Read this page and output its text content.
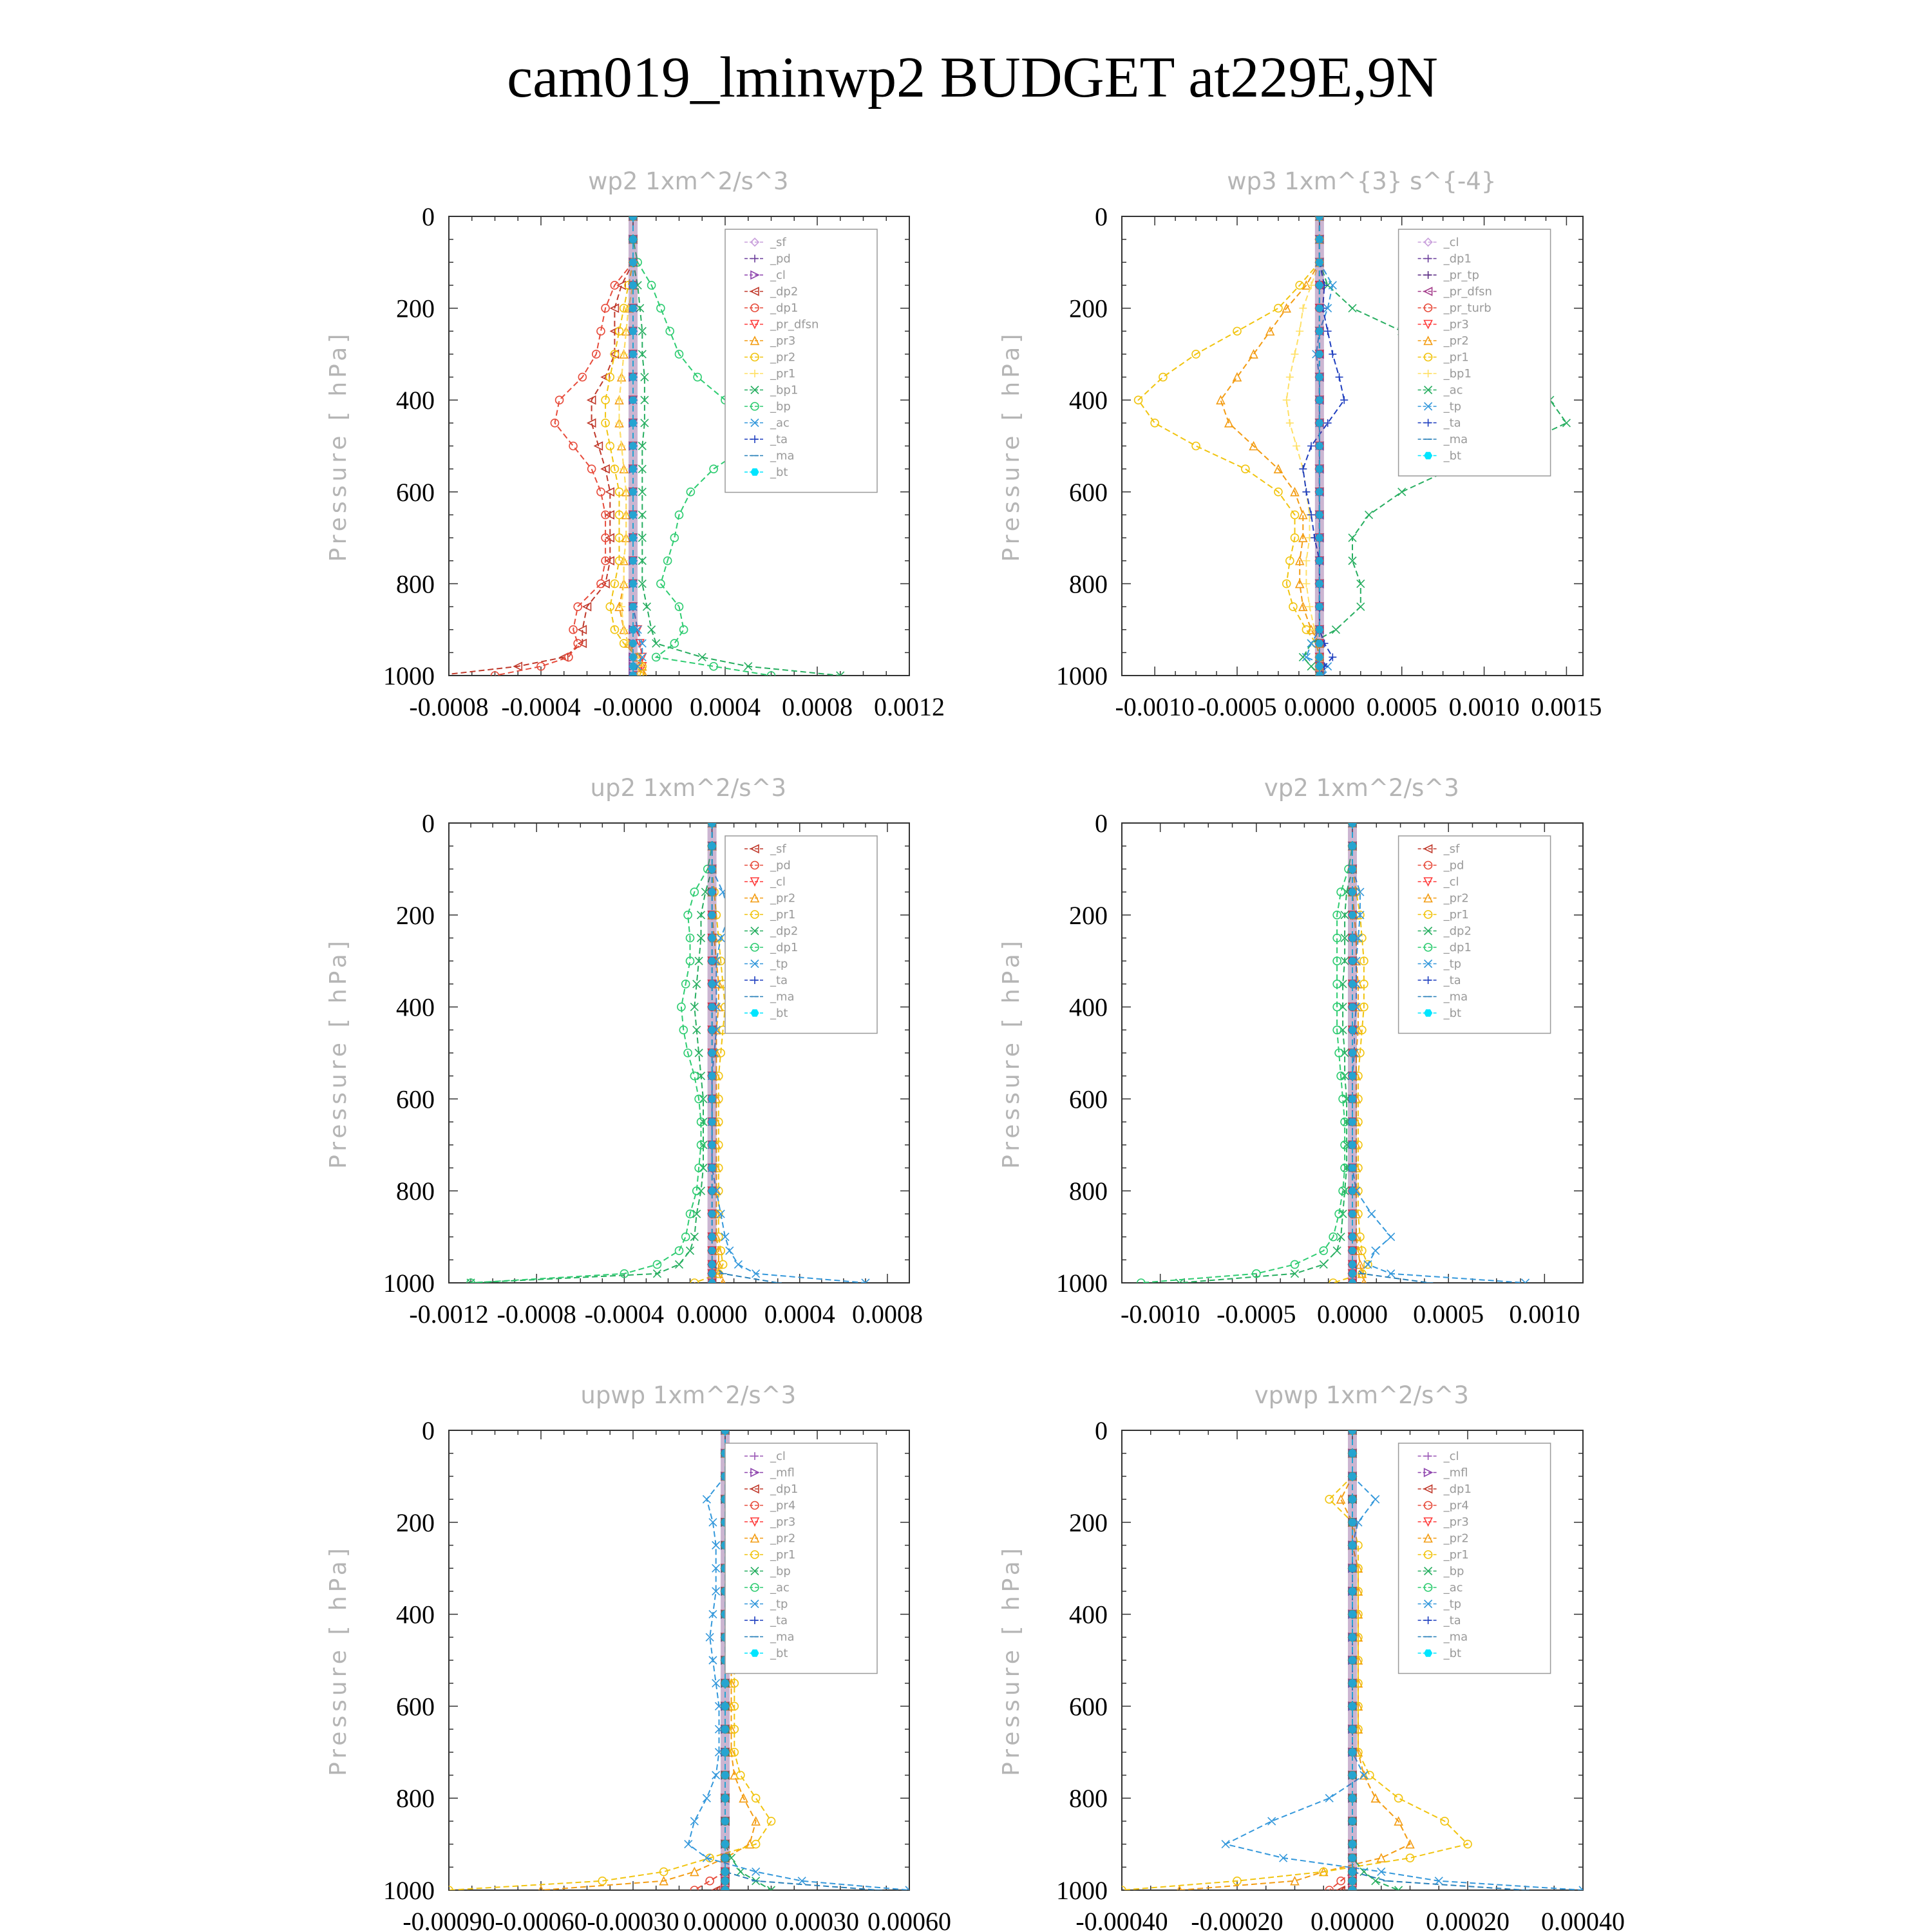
cam019_lminwp2 BUDGET at229E,9N
wp2 1xm^2/s^3
Pressure [ hPa]
0
200
400
600
800
1000
-0.0008 -0.0004 -0.0000 0.0004 0.0008 0.0012
_sf
_pd
_cl
_dp2
_dp1
_pr_dfsn
_pr3
_pr2
_pr1
_bp1
_bp
_ac
_ta
_ma
_bt
wp3 1xm^{3} s^{-4}
Pressure [ hPa]
0
200
400
600
800
1000
-0.0010 -0.0005 0.0000 0.0005 0.0010 0.0015
_cl
_dp1
_pr_tp
_pr_dfsn
_pr_turb
_pr3
_pr2
_pr1
_bp1
_ac
_tp
_ta
_ma
_bt
up2 1xm^2/s^3
Pressure [ hPa]
0
200
400
600
800
1000
-0.0012 -0.0008 -0.0004 0.0000 0.0004 0.0008
_sf
_pd
_cl
_pr2
_pr1
_dp2
_dp1
_tp
_ta
_ma
_bt
vp2 1xm^2/s^3
Pressure [ hPa]
0
200
400
600
800
1000
-0.0010 -0.0005 0.0000 0.0005 0.0010
_sf
_pd
_cl
_pr2
_pr1
_dp2
_dp1
_tp
_ta
_ma
_bt
upwp 1xm^2/s^3
Pressure [ hPa]
0
200
400
600
800
1000
-0.00090 -0.00060 -0.00030 0.00000 0.00030 0.00060
_cl
_mfl
_dp1
_pr4
_pr3
_pr2
_pr1
_bp
_ac
_tp
_ta
_ma
_bt
vpwp 1xm^2/s^3
Pressure [ hPa]
0
200
400
600
800
1000
-0.00040 -0.00020 0.00000 0.00020 0.00040
_cl
_mfl
_dp1
_pr4
_pr3
_pr2
_pr1
_bp
_ac
_tp
_ta
_ma
_bt
